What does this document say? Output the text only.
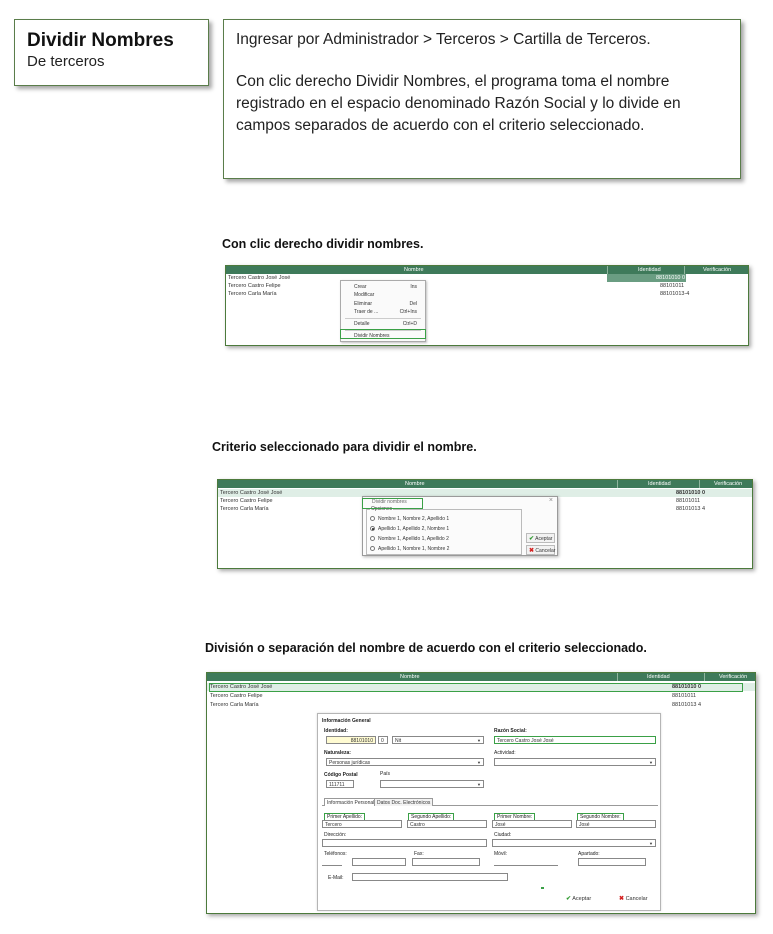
Dividir Nombres
De terceros

Ingresar por Administrador > Terceros > Cartilla de Terceros.

Con clic derecho Dividir Nombres, el programa toma el nombre registrado en el espacio denominado Razón Social y lo divide en campos separados de acuerdo con el criterio seleccionado.

Con clic derecho dividir nombres.
Nombre	Identidad	Verificación
Tercero Castro José José	88101010 0
Tercero Castro Felipe	88101011
Tercero Carla María	88101013-4
Crear	Ins
Modificar
Eliminar	Del
Traer de ...	Ctrl+Ins
Detalle	Ctrl+D
Dividir Nombres
Criterio seleccionado para dividir el nombre.
Nombre	Identidad	Verificación
Tercero Castro José José	88101010 0
Tercero Castro Felipe	88101011
Tercero Carla María	88101013 4
Dividir nombres	×
Opciones
Nombre 1, Nombre 2, Apellido 1
Apellido 1, Apellido 2, Nombre 1
Nombre 1, Apellido 1, Apellido 2
Apellido 1, Nombre 1, Nombre 2
✔ Aceptar
✖ Cancelar
División o separación del nombre de acuerdo con el criterio seleccionado.
Nombre	Identidad	Verificación
Tercero Castro José José	88101010 0
Tercero Castro Felipe	88101011
Tercero Carla María	88101013 4
Información General
Identidad:
88101010	0	Nit	▼
Razón Social:
Tercero Castro José José
Naturaleza:
Personas jurídicas	▼
Actividad:
▼
Código Postal
111711
País
▼
Información Personal Datos Doc. Electrónicos
Primer Apellido:
Tercero
Segundo Apellido:
Castro
Primer Nombre:
José
Segundo Nombre:
José
Dirección:	Ciudad:
▼
Teléfonos:	Fax:	Móvil:	Apartado:
E-Mail:
✔ Aceptar	✖ Cancelar
